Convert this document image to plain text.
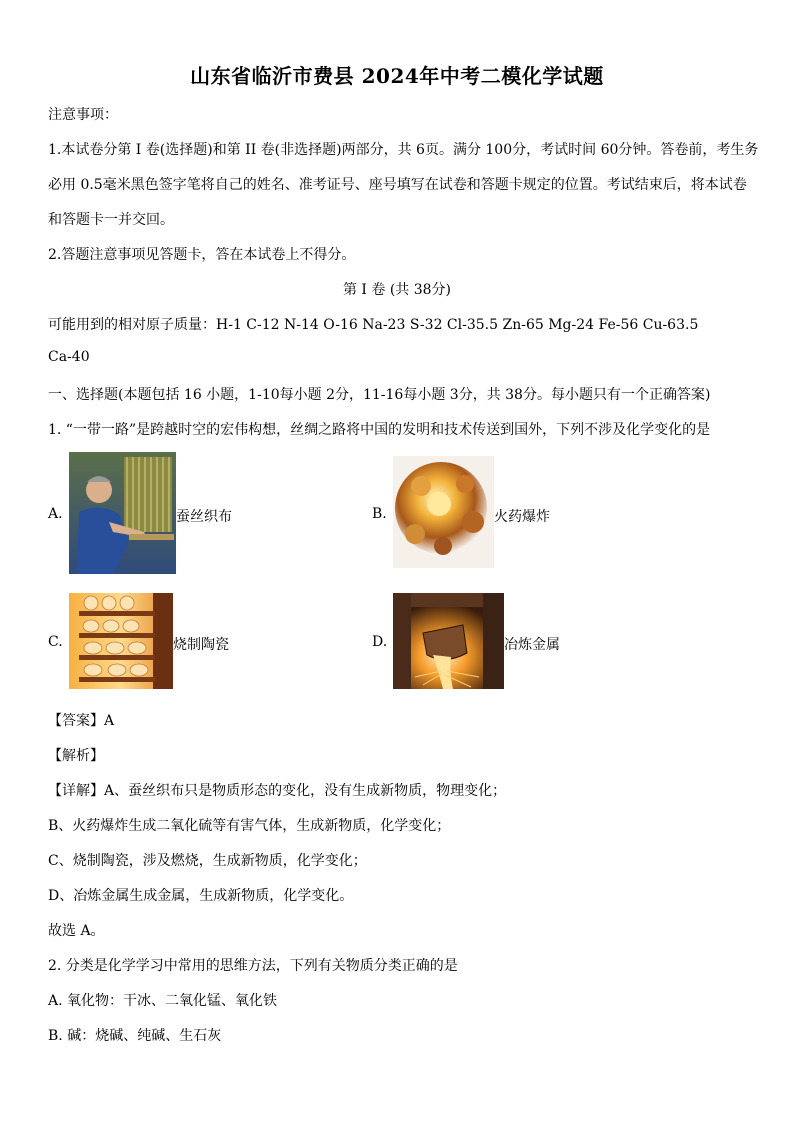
山东省临沂市费县 2024年中考二模化学试题
注意事项：
1.本试卷分第 I 卷(选择题)和第 II 卷(非选择题)两部分，共 6页。满分 100分，考试时间 60分钟。答卷前，考生务
必用 0.5毫米黑色签字笔将自己的姓名、准考证号、座号填写在试卷和答题卡规定的位置。考试结束后，将本试卷
和答题卡一并交回。
2.答题注意事项见答题卡，答在本试卷上不得分。
第 I 卷 (共 38分)
可能用到的相对原子质量：H-1 C-12 N-14 O-16 Na-23 S-32 Cl-35.5 Zn-65 Mg-24 Fe-56 Cu-63.5
Ca-40
一、选择题(本题包括 16 小题，1-10每小题 2分，11-16每小题 3分，共 38分。每小题只有一个正确答案)
1. “一带一路”是跨越时空的宏伟构想，丝绸之路将中国的发明和技术传送到国外，下列不涉及化学变化的是
A.	蚕丝织布	B.	火药爆炸
C.	烧制陶瓷	D.	冶炼金属
【答案】A
【解析】
【详解】A、蚕丝织布只是物质形态的变化，没有生成新物质，物理变化；
B、火药爆炸生成二氧化硫等有害气体，生成新物质，化学变化；
C、烧制陶瓷，涉及燃烧，生成新物质，化学变化；
D、冶炼金属生成金属，生成新物质，化学变化。
故选 A。
2. 分类是化学学习中常用的思维方法，下列有关物质分类正确的是
A. 氧化物：干冰、二氧化锰、氧化铁
B. 碱：烧碱、纯碱、生石灰
